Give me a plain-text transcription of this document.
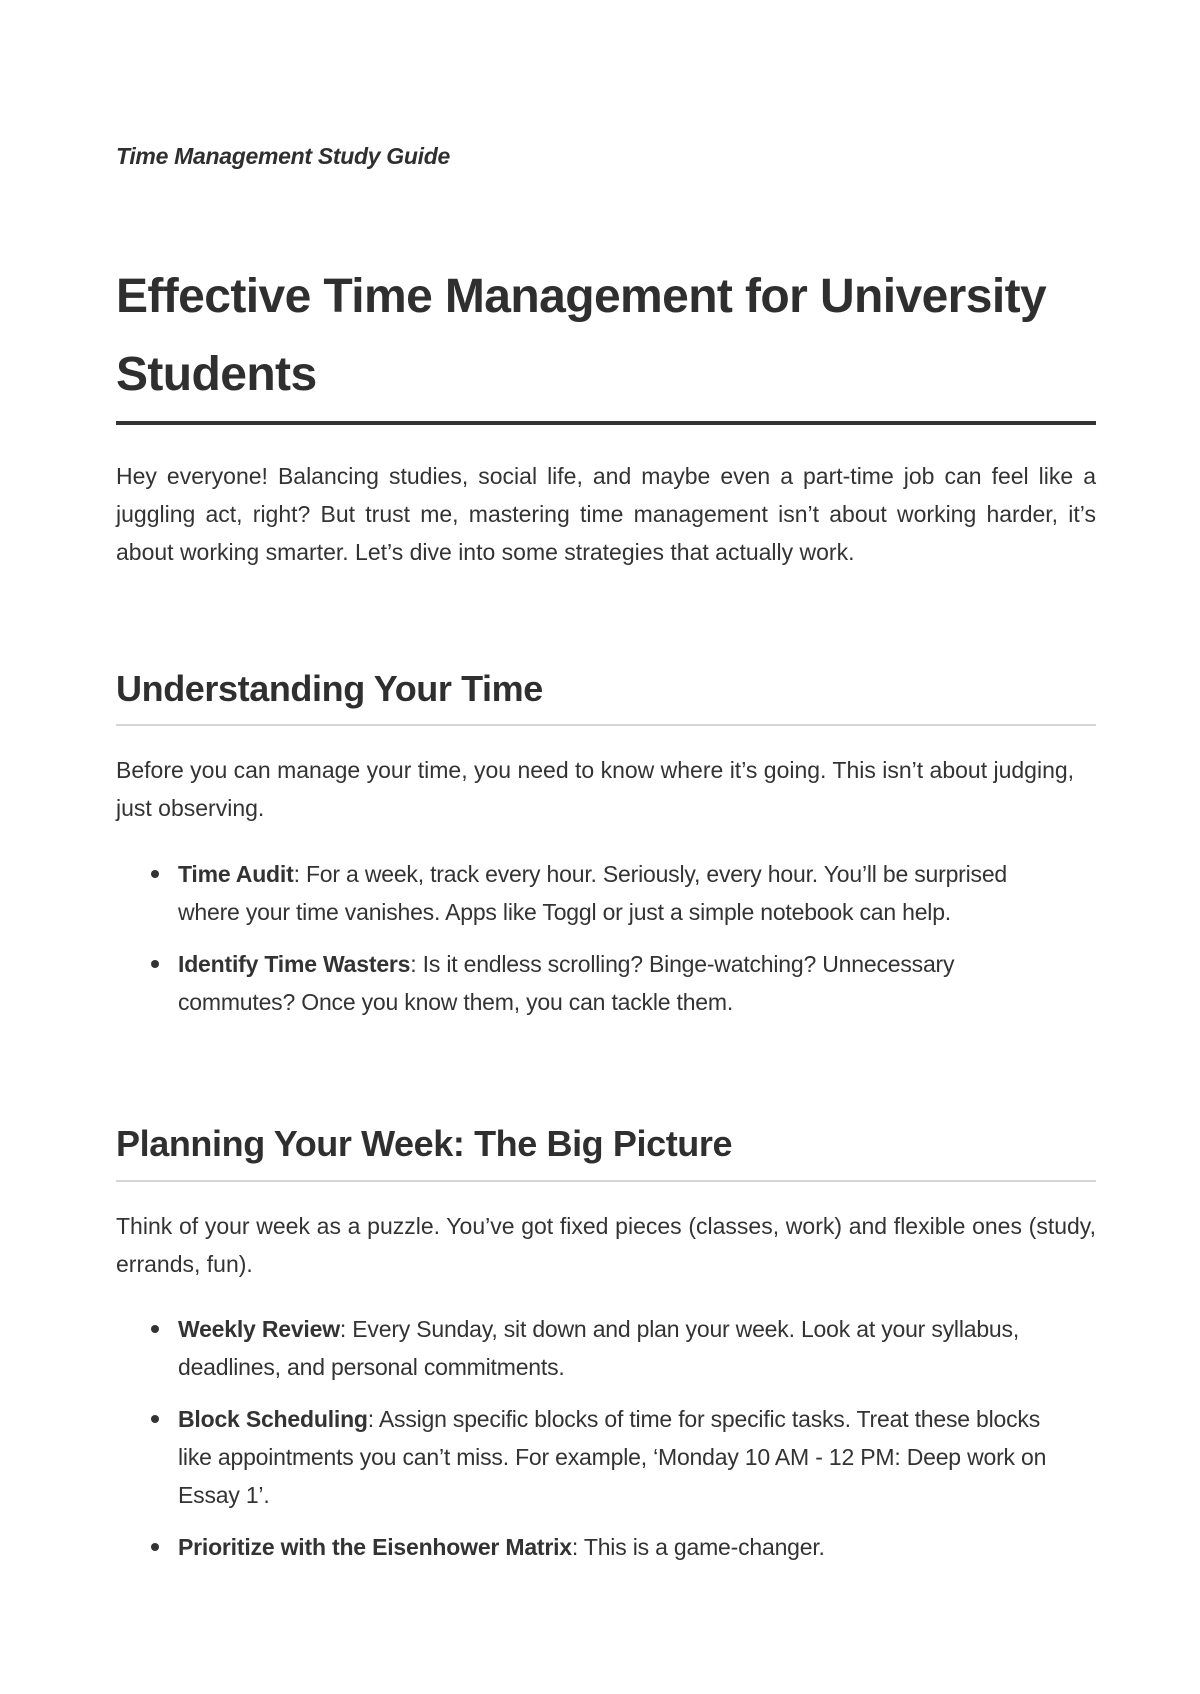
Time Management Study Guide
Effective Time Management for University Students

Hey everyone! Balancing studies, social life, and maybe even a part-time job can feel like a juggling act, right? But trust me, mastering time management isn’t about working harder, it’s about working smarter. Let’s dive into some strategies that actually work.

Understanding Your Time

Before you can manage your time, you need to know where it’s going. This isn’t about judging, just observing.

Time Audit: For a week, track every hour. Seriously, every hour. You’ll be surprised where your time vanishes. Apps like Toggl or just a simple notebook can help.
Identify Time Wasters: Is it endless scrolling? Binge-watching? Unnecessary commutes? Once you know them, you can tackle them.
Planning Your Week: The Big Picture

Think of your week as a puzzle. You’ve got fixed pieces (classes, work) and flexible ones (study, errands, fun).

Weekly Review: Every Sunday, sit down and plan your week. Look at your syllabus, deadlines, and personal commitments.
Block Scheduling: Assign specific blocks of time for specific tasks. Treat these blocks like appointments you can’t miss. For example, ‘Monday 10 AM - 12 PM: Deep work on Essay 1’.
Prioritize with the Eisenhower Matrix: This is a game-changer.
